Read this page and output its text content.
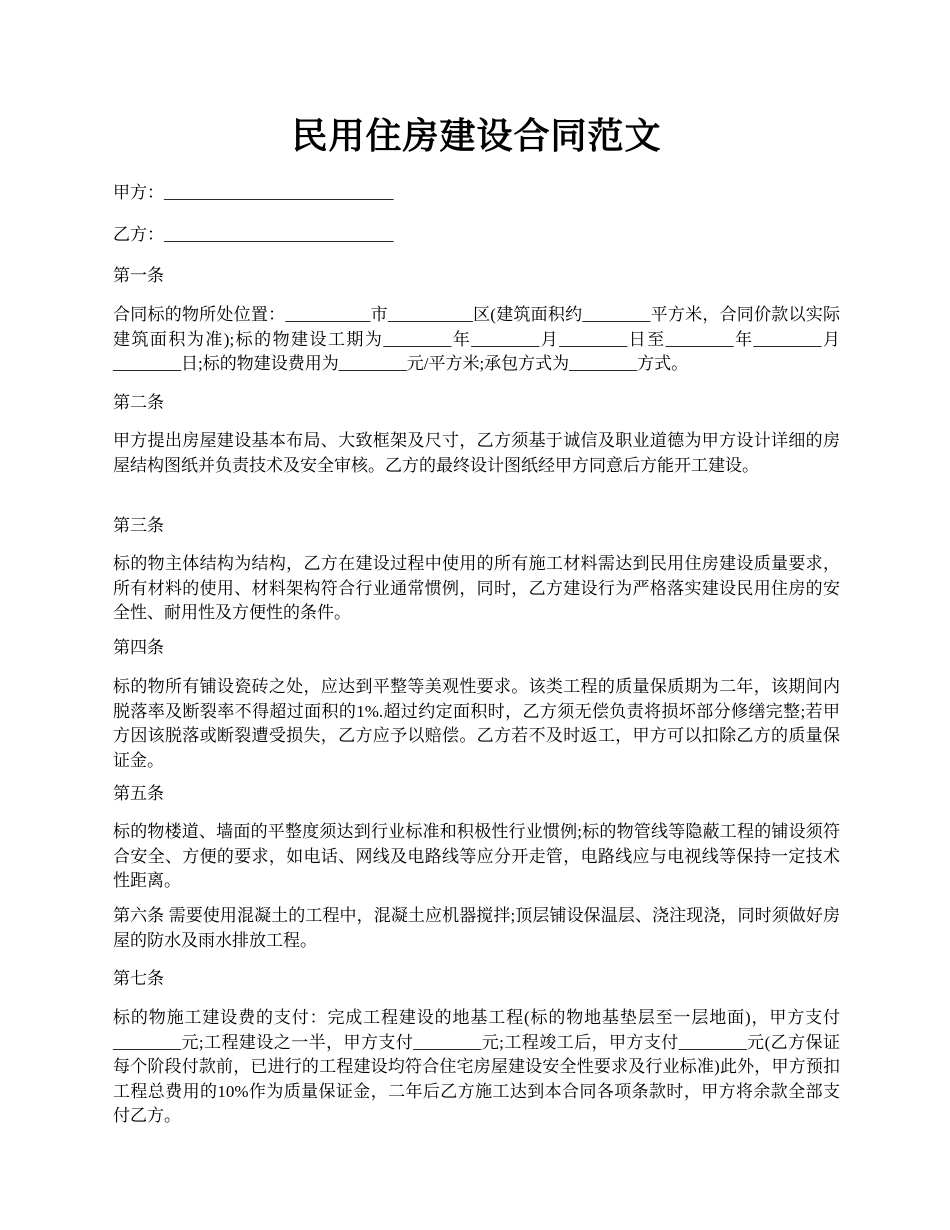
民用住房建设合同范文

甲方：___________________________

乙方：___________________________

第一条

合同标的物所处位置：__________市__________区(建筑面积约________平方米，合同价款以实际建筑面积为准);标的物建设工期为________年________月________日至________年________月________日;标的物建设费用为________元/平方米;承包方式为________方式。

第二条

甲方提出房屋建设基本布局、大致框架及尺寸，乙方须基于诚信及职业道德为甲方设计详细的房屋结构图纸并负责技术及安全审核。乙方的最终设计图纸经甲方同意后方能开工建设。

第三条

标的物主体结构为结构，乙方在建设过程中使用的所有施工材料需达到民用住房建设质量要求，所有材料的使用、材料架构符合行业通常惯例，同时，乙方建设行为严格落实建设民用住房的安全性、耐用性及方便性的条件。

第四条

标的物所有铺设瓷砖之处，应达到平整等美观性要求。该类工程的质量保质期为二年，该期间内脱落率及断裂率不得超过面积的1%.超过约定面积时，乙方须无偿负责将损坏部分修缮完整;若甲方因该脱落或断裂遭受损失，乙方应予以赔偿。乙方若不及时返工，甲方可以扣除乙方的质量保证金。

第五条

标的物楼道、墙面的平整度须达到行业标准和积极性行业惯例;标的物管线等隐蔽工程的铺设须符合安全、方便的要求，如电话、网线及电路线等应分开走管，电路线应与电视线等保持一定技术性距离。

第六条 需要使用混凝土的工程中，混凝土应机器搅拌;顶层铺设保温层、浇注现浇，同时须做好房屋的防水及雨水排放工程。

第七条

标的物施工建设费的支付：完成工程建设的地基工程(标的物地基垫层至一层地面)，甲方支付________元;工程建设之一半，甲方支付________元;工程竣工后，甲方支付________元(乙方保证每个阶段付款前，已进行的工程建设均符合住宅房屋建设安全性要求及行业标准)此外，甲方预扣工程总费用的10%作为质量保证金，二年后乙方施工达到本合同各项条款时，甲方将余款全部支付乙方。
